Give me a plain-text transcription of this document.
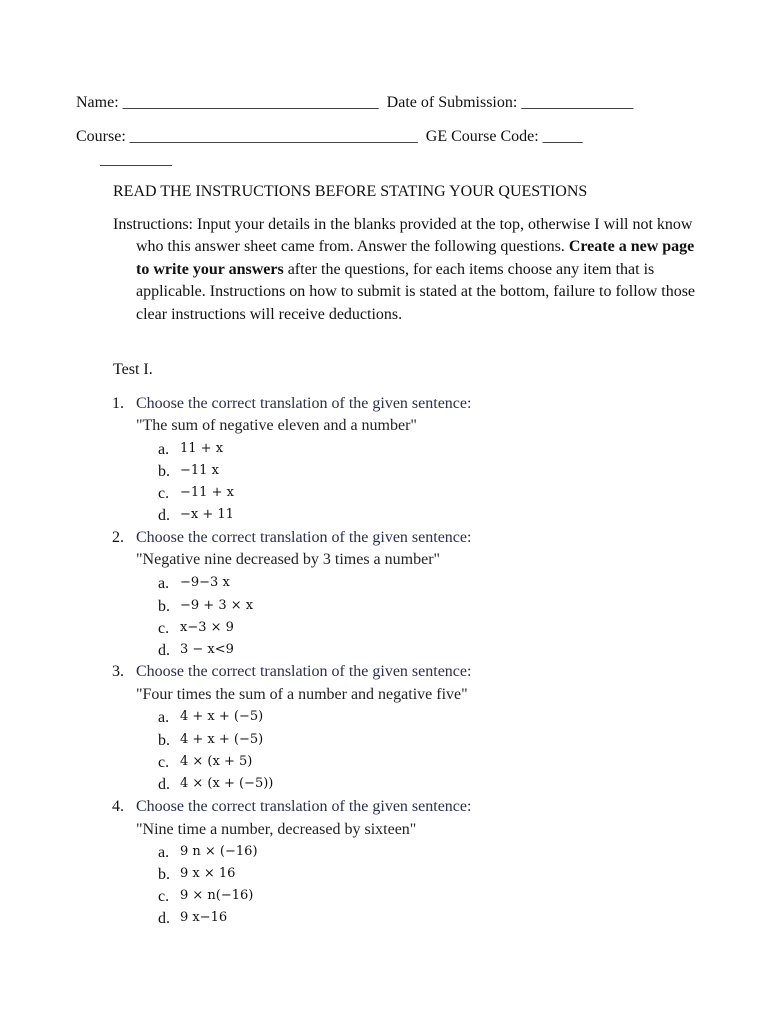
Name: ________________________________ Date of Submission: ______________
Course: ____________________________________ GE Course Code: _____
_________
READ THE INSTRUCTIONS BEFORE STATING YOUR QUESTIONS
Instructions: Input your details in the blanks provided at the top, otherwise I will not know who this answer sheet came from. Answer the following questions. Create a new page to write your answers after the questions, for each items choose any item that is applicable. Instructions on how to submit is stated at the bottom, failure to follow those clear instructions will receive deductions.
Test I.
1. Choose the correct translation of the given sentence:
"The sum of negative eleven and a number"
a. 11 + x
b. −11 x
c. −11 + x
d. −x + 11
2. Choose the correct translation of the given sentence:
"Negative nine decreased by 3 times a number"
a. −9−3 x
b. −9 + 3 × x
c. x−3 × 9
d. 3 − x<9
3. Choose the correct translation of the given sentence:
"Four times the sum of a number and negative five"
a. 4 + x + (−5)
b. 4 + x + (−5)
c. 4 × (x + 5)
d. 4 × (x + (−5))
4. Choose the correct translation of the given sentence:
"Nine time a number, decreased by sixteen"
a. 9 n × (−16)
b. 9 x × 16
c. 9 × n(−16)
d. 9 x−16
